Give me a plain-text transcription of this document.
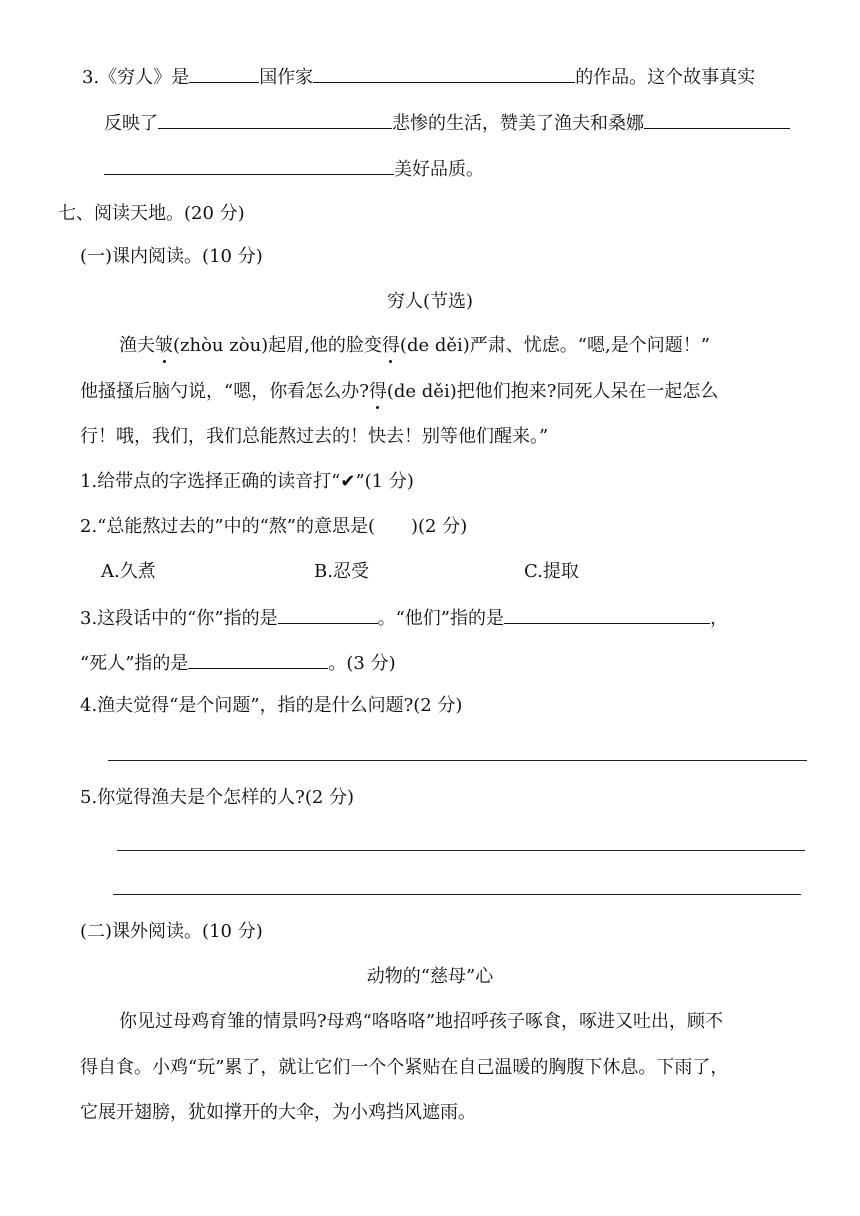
3.《穷人》是	国作家	的作品。这个故事真实
反映了	悲惨的生活，赞美了渔夫和桑娜
美好品质。
七、阅读天地。(20 分)
(一)课内阅读。(10 分)
穷人(节选)
渔夫皱(zhòu zòu)起眉,他的脸变得(de děi)严肃、忧虑。“嗯,是个问题！”
他搔搔后脑勺说，“嗯，你看怎么办?得(de děi)把他们抱来?同死人呆在一起怎么
行！哦，我们，我们总能熬过去的！快去！别等他们醒来。”
1.给带点的字选择正确的读音打“✔”(1 分)
2.“总能熬过去的”中的“熬”的意思是(　　)(2 分)
A.久煮	B.忍受	C.提取
3.这段话中的“你”指的是	。“他们”指的是	，
“死人”指的是	。(3 分)
4.渔夫觉得“是个问题”，指的是什么问题?(2 分)
5.你觉得渔夫是个怎样的人?(2 分)
(二)课外阅读。(10 分)
动物的“慈母”心
你见过母鸡育雏的情景吗?母鸡“咯咯咯”地招呼孩子啄食，啄进又吐出，顾不
得自食。小鸡“玩”累了，就让它们一个个紧贴在自己温暖的胸腹下休息。下雨了，
它展开翅膀，犹如撑开的大伞，为小鸡挡风遮雨。
